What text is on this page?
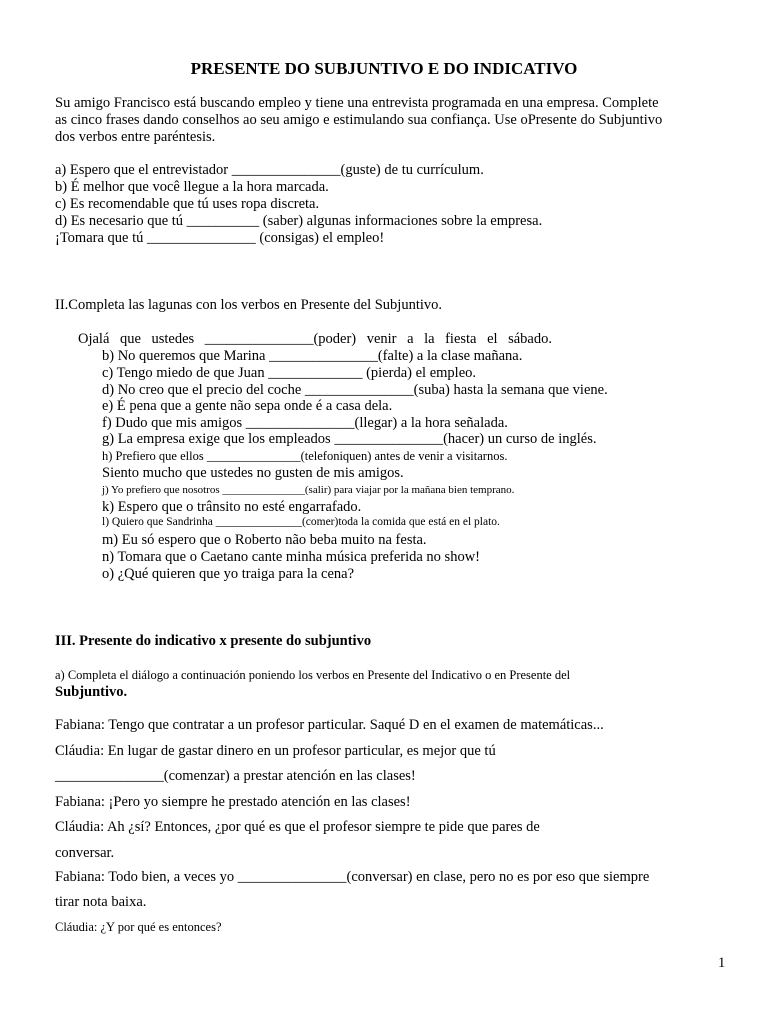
PRESENTE DO SUBJUNTIVO E DO INDICATIVO
Su amigo Francisco está buscando empleo y tiene una entrevista programada en una empresa. Complete
as cinco frases dando conselhos ao seu amigo e estimulando sua confiança. Use oPresente do Subjuntivo
dos verbos entre paréntesis.
a) Espero que el entrevistador _______________(guste) de tu currículum.
b) É melhor que você llegue a la hora marcada.
c) Es recomendable que tú uses ropa discreta.
d) Es necesario que tú __________ (saber) algunas informaciones sobre la empresa.
¡Tomara que tú _______________ (consigas) el empleo!
II.Completa las lagunas con los verbos en Presente del Subjuntivo.
Ojalá que ustedes _______________(poder) venir a la fiesta el sábado.
b) No queremos que Marina _______________(falte) a la clase mañana.
c) Tengo miedo de que Juan _____________ (pierda) el empleo.
d) No creo que el precio del coche _______________(suba) hasta la semana que viene.
e) É pena que a gente não sepa onde é a casa dela.
f) Dudo que mis amigos _______________(llegar) a la hora señalada.
g) La empresa exige que los empleados _______________(hacer) un curso de inglés.
h) Prefiero que ellos _______________(telefoniquen) antes de venir a visitarnos.
Siento mucho que ustedes no gusten de mis amigos.
j) Yo prefiero que nosotros _______________(salir) para viajar por la mañana bien temprano.
k) Espero que o trânsito no esté engarrafado.
l) Quiero que Sandrinha _______________(comer)toda la comida que está en el plato.
m) Eu só espero que o Roberto não beba muito na festa.
n) Tomara que o Caetano cante minha música preferida no show!
o) ¿Qué quieren que yo traiga para la cena?
III. Presente do indicativo x presente do subjuntivo
a) Completa el diálogo a continuación poniendo los verbos en Presente del Indicativo o en Presente del
Subjuntivo.
Fabiana: Tengo que contratar a un profesor particular. Saqué D en el examen de matemáticas...
Cláudia: En lugar de gastar dinero en un profesor particular, es mejor que tú
_______________(comenzar) a prestar atención en las clases!
Fabiana: ¡Pero yo siempre he prestado atención en las clases!
Cláudia: Ah ¿sí? Entonces, ¿por qué es que el profesor siempre te pide que pares de
conversar.
Fabiana: Todo bien, a veces yo _______________(conversar) en clase, pero no es por eso que siempre
tirar nota baixa.
Cláudia: ¿Y por qué es entonces?
1
